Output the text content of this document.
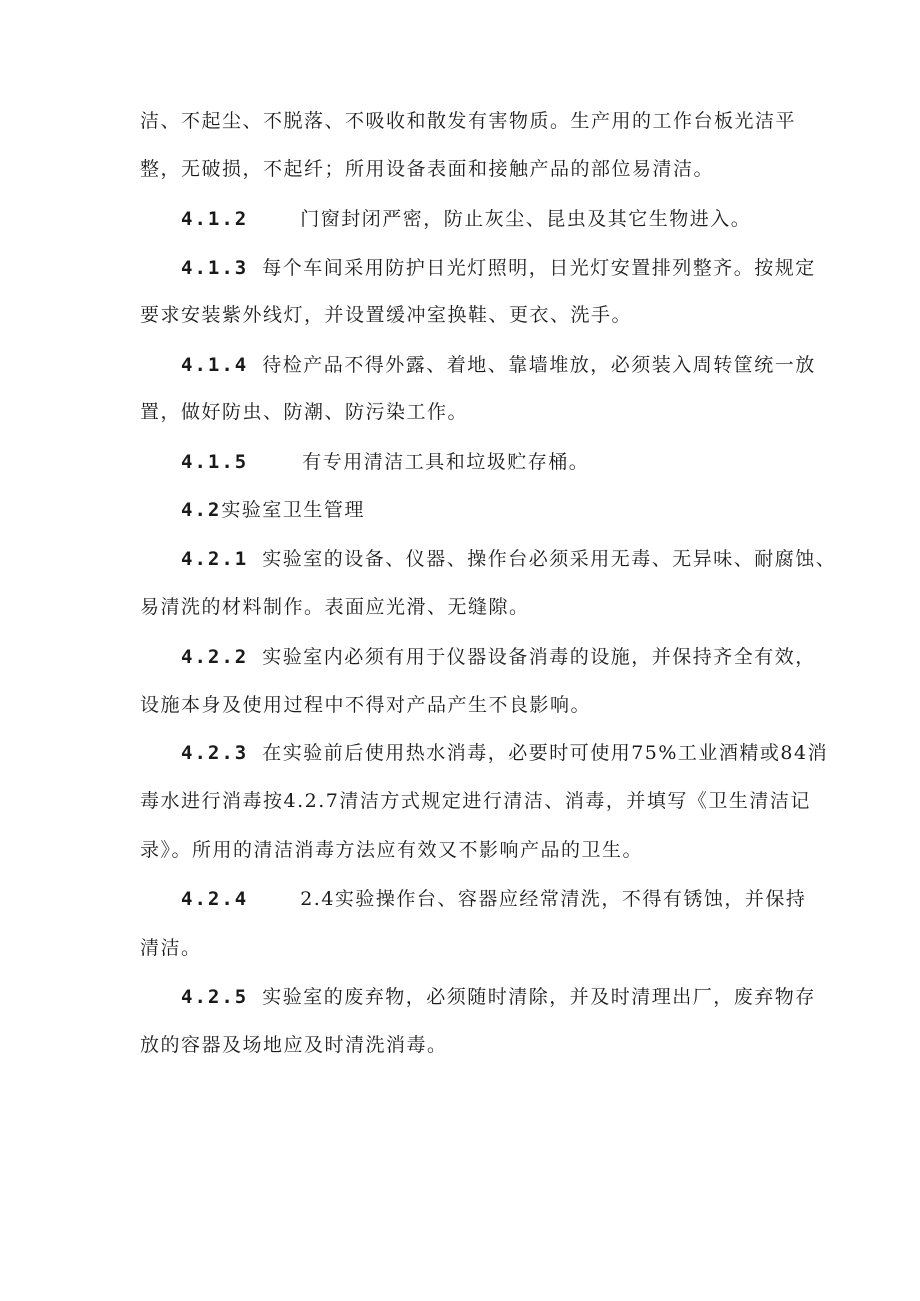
洁、不起尘、不脱落、不吸收和散发有害物质。生产用的工作台板光洁平
整，无破损，不起纤；所用设备表面和接触产品的部位易清洁。
4.1.2	门窗封闭严密，防止灰尘、昆虫及其它生物进入。
4.1.3 每个车间采用防护日光灯照明，日光灯安置排列整齐。按规定
要求安装紫外线灯，并设置缓冲室换鞋、更衣、洗手。
4.1.4 待检产品不得外露、着地、靠墙堆放，必须装入周转筐统一放
置，做好防虫、防潮、防污染工作。
4.1.5	有专用清洁工具和垃圾贮存桶。
4.2实验室卫生管理
4.2.1 实验室的设备、仪器、操作台必须采用无毒、无异味、耐腐蚀、
易清洗的材料制作。表面应光滑、无缝隙。
4.2.2 实验室内必须有用于仪器设备消毒的设施，并保持齐全有效，
设施本身及使用过程中不得对产品产生不良影响。
4.2.3 在实验前后使用热水消毒，必要时可使用75%工业酒精或84消
毒水进行消毒按4.2.7清洁方式规定进行清洁、消毒，并填写《卫生清洁记
录》。所用的清洁消毒方法应有效又不影响产品的卫生。
4.2.4	2.4实验操作台、容器应经常清洗，不得有锈蚀，并保持
清洁。
4.2.5 实验室的废弃物，必须随时清除，并及时清理出厂，废弃物存
放的容器及场地应及时清洗消毒。
